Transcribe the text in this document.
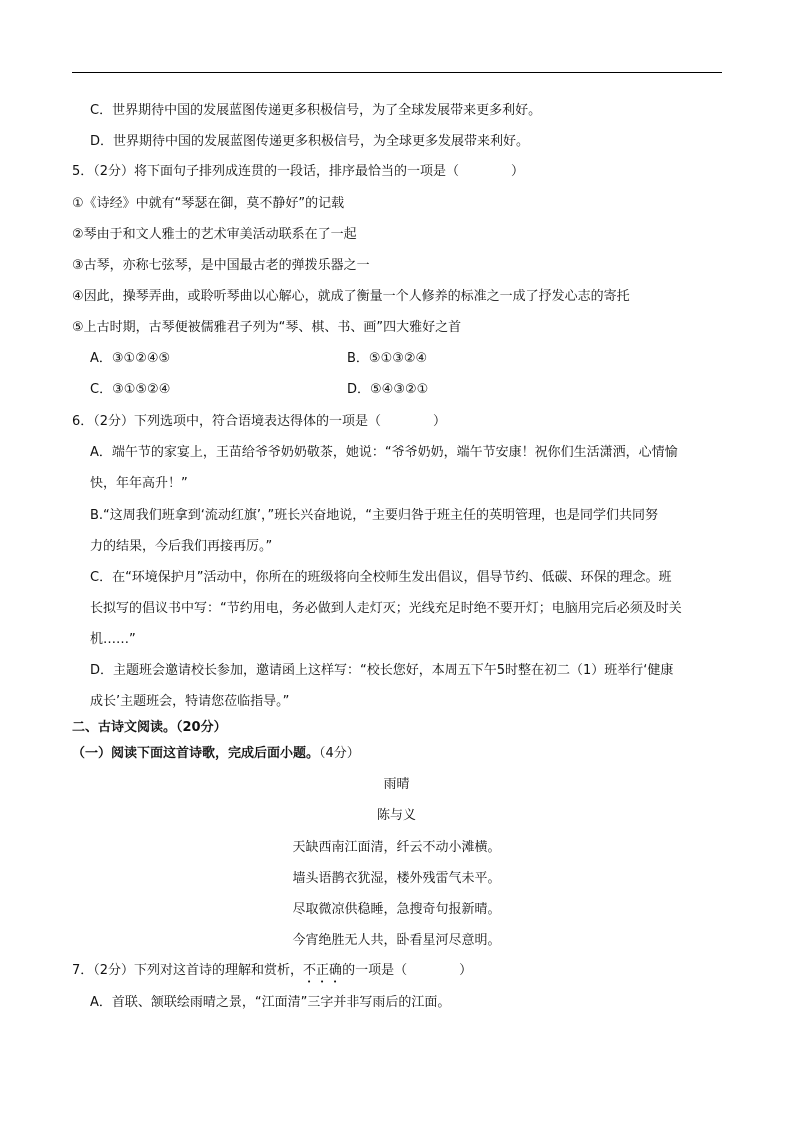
C．世界期待中国的发展蓝图传递更多积极信号，为了全球发展带来更多利好。
D．世界期待中国的发展蓝图传递更多积极信号，为全球更多发展带来利好。
5．（2分）将下面句子排列成连贯的一段话，排序最恰当的一项是（　　　　）
①《诗经》中就有“琴瑟在御，莫不静好”的记载
②琴由于和文人雅士的艺术审美活动联系在了一起
③古琴，亦称七弦琴，是中国最古老的弹拨乐器之一
④因此，操琴弄曲，或聆听琴曲以心解心，就成了衡量一个人修养的标准之一成了抒发心志的寄托
⑤上古时期，古琴便被儒雅君子列为“琴、棋、书、画”四大雅好之首
A．③①②④⑤	B．⑤①③②④
C．③①⑤②④	D．⑤④③②①
6．（2分）下列选项中，符合语境表达得体的一项是（　　　　）
A．端午节的家宴上，王苗给爷爷奶奶敬茶，她说：“爷爷奶奶，端午节安康！祝你们生活潇洒，心情愉
快，年年高升！”
B.“这周我们班拿到‘流动红旗’，”班长兴奋地说，“主要归咎于班主任的英明管理，也是同学们共同努
力的结果，今后我们再接再厉。”
C．在“环境保护月”活动中，你所在的班级将向全校师生发出倡议，倡导节约、低碳、环保的理念。班
长拟写的倡议书中写：“节约用电，务必做到人走灯灭；光线充足时绝不要开灯；电脑用完后必须及时关
机……”
D．主题班会邀请校长参加，邀请函上这样写：“校长您好，本周五下午5时整在初二（1）班举行‘健康
成长’主题班会，特请您莅临指导。”
二、古诗文阅读。（20分）
（一）阅读下面这首诗歌，完成后面小题。（4分）
雨晴
陈与义
天缺西南江面清，纤云不动小滩横。
墙头语鹊衣犹湿，楼外残雷气未平。
尽取微凉供稳睡，急搜奇句报新晴。
今宵绝胜无人共，卧看星河尽意明。
7．（2分）下列对这首诗的理解和赏析，不正确的一项是（　　　　）
A．首联、颔联绘雨晴之景，“江面清”三字并非写雨后的江面。
